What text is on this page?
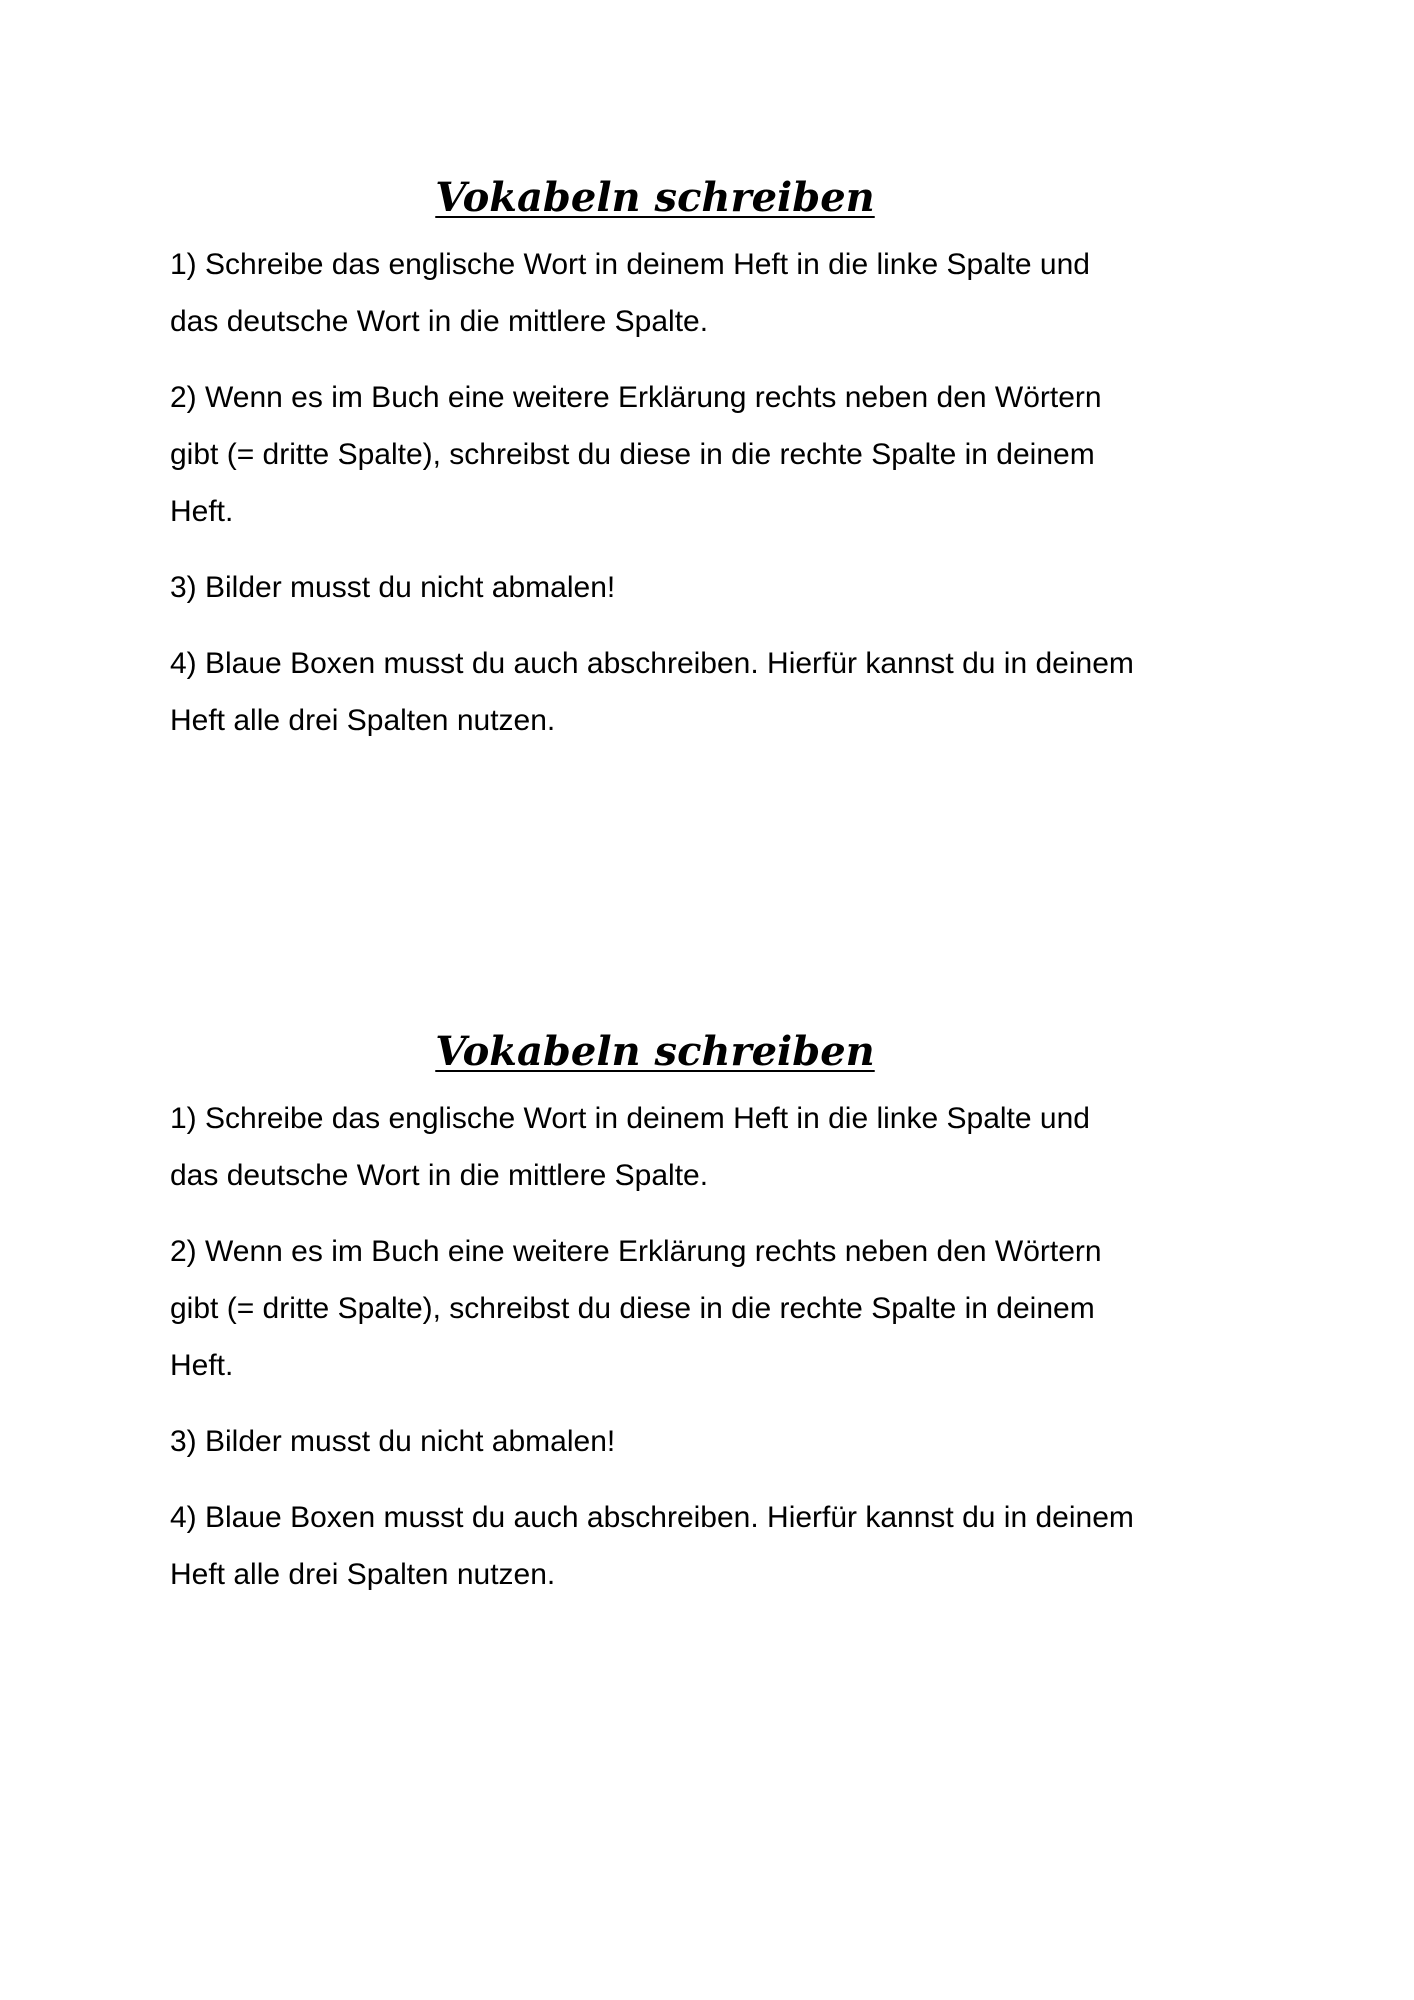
Vokabeln schreiben
1) Schreibe das englische Wort in deinem Heft in die linke Spalte und
das deutsche Wort in die mittlere Spalte.
2) Wenn es im Buch eine weitere Erklärung rechts neben den Wörtern
gibt (= dritte Spalte), schreibst du diese in die rechte Spalte in deinem
Heft.
3) Bilder musst du nicht abmalen!
4) Blaue Boxen musst du auch abschreiben. Hierfür kannst du in deinem
Heft alle drei Spalten nutzen.
Vokabeln schreiben
1) Schreibe das englische Wort in deinem Heft in die linke Spalte und
das deutsche Wort in die mittlere Spalte.
2) Wenn es im Buch eine weitere Erklärung rechts neben den Wörtern
gibt (= dritte Spalte), schreibst du diese in die rechte Spalte in deinem
Heft.
3) Bilder musst du nicht abmalen!
4) Blaue Boxen musst du auch abschreiben. Hierfür kannst du in deinem
Heft alle drei Spalten nutzen.
